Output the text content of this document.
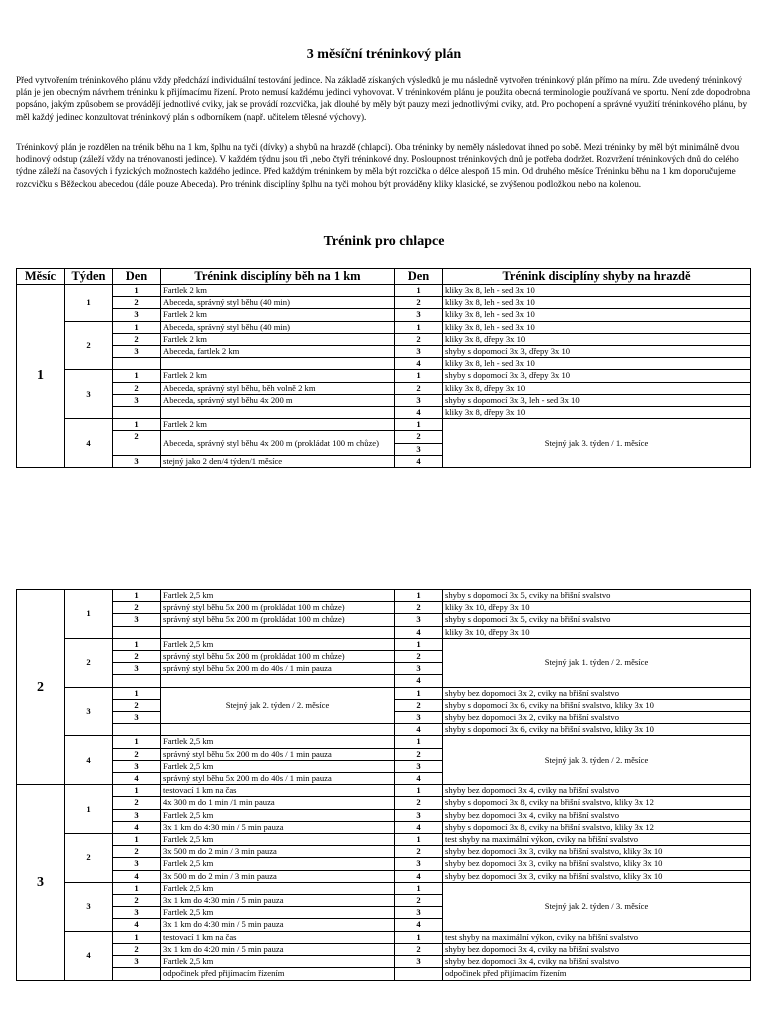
3 měsíční tréninkový plán
Před vytvořením tréninkového plánu vždy předchází individuální testování jedince. Na základě získaných výsledků je mu následně vytvořen tréninkový plán přímo na míru. Zde uvedený tréninkový plán je jen obecným návrhem tréninku k přijímacímu řízení. Proto nemusí každému jedinci vyhovovat. V tréninkovém plánu je použita obecná terminologie používaná ve sportu. Není zde dopodrobna popsáno, jakým způsobem se provádějí jednotlivé cviky, jak se provádí rozcvička, jak dlouhé by měly být pauzy mezi jednotlivými cviky, atd. Pro pochopení a správné využití tréninkového plánu, by měl každý jedinec konzultovat tréninkový plán s odborníkem (např. učitelem tělesné výchovy).
Tréninkový plán je rozdělen na trénik běhu na 1 km, šplhu na tyči (dívky) a shybů na hrazdě (chlapci). Oba tréninky by neměly následovat ihned po sobě. Mezi tréninky by měl být minimálně dvou hodinový odstup (záleží vždy na trénovanosti jedince). V každém týdnu jsou tři ,nebo čtyři tréninkové dny. Posloupnost tréninkových dnů je potřeba dodržet. Rozvržení tréninkových dnů do celého týdne záleží na časových i fyzických možnostech každého jedince. Před každým tréninkem by měla být rozcička o délce alespoň 15 min. Od druhého měsíce Tréninku běhu na 1 km doporučujeme rozcvičku s Běžeckou abecedou (dále pouze Abeceda). Pro trénink disciplíny šplhu na tyči mohou být prováděny kliky klasické, se zvýšenou podložkou nebo na kolenou.
Trénink pro chlapce
Měsíc	Týden	Den	Trénink disciplíny běh na 1 km	Den	Trénink disciplíny shyby na hrazdě
1	1	1	Fartlek 2 km	1	kliky 3x 8, leh - sed 3x 10
		2	Abeceda, správný styl běhu (40 min)	2	kliky 3x 8, leh - sed 3x 10
		3	Fartlek 2 km	3	kliky 3x 8, leh - sed 3x 10
	2	1	Abeceda, správný styl běhu (40 min)	1	kliky 3x 8, leh - sed 3x 10
		2	Fartlek 2 km	2	kliky 3x 8, dřepy 3x 10
		3	Abeceda, fartlek 2 km	3	shyby s dopomocí 3x 3, dřepy 3x 10
				4	kliky 3x 8, leh - sed 3x 10
	3	1	Fartlek 2 km	1	shyby s dopomocí 3x 3, dřepy 3x 10
		2	Abeceda, správný styl běhu, běh volně 2 km	2	kliky 3x 8, dřepy 3x 10
		3	Abeceda, správný styl běhu 4x 200 m	3	shyby s dopomocí 3x 3, leh - sed 3x 10
				4	kliky 3x 8, dřepy 3x 10
	4	1	Fartlek 2 km	1	Stejný jak 3. týden / 1. měsíce
		2	Abeceda, správný styl běhu 4x 200 m (prokládat 100 m chůze)	2	
				3	
		3	stejný jako 2 den/4 týden/1 měsíce	4	
2	1	1	Fartlek 2,5 km	1	shyby s dopomocí 3x 5, cviky na břišní svalstvo
		2	správný styl běhu 5x 200 m (prokládat 100 m chůze)	2	kliky 3x 10, dřepy 3x 10
		3	správný styl běhu 5x 200 m (prokládat 100 m chůze)	3	shyby s dopomocí 3x 5, cviky na břišní svalstvo
				4	kliky 3x 10, dřepy 3x 10
	2	1	Fartlek 2,5 km	1	Stejný jak 1. týden / 2. měsíce
		2	správný styl běhu 5x 200 m (prokládat 100 m chůze)	2	
		3	správný styl běhu 5x 200 m do 40s / 1 min pauza	3	
				4	
	3	1	Stejný jak 2. týden / 2. měsíce	1	shyby bez dopomoci 3x 2, cviky na břišní svalstvo
		2		2	shyby s dopomocí 3x 6, cviky na břišní svalstvo, kliky 3x 10
		3		3	shyby bez dopomoci 3x 2, cviky na břišní svalstvo
				4	shyby s dopomocí 3x 6, cviky na břišní svalstvo, kliky 3x 10
	4	1	Fartlek 2,5 km	1	Stejný jak 3. týden / 2. měsíce
		2	správný styl běhu 5x 200 m do 40s / 1 min pauza	2	
		3	Fartlek 2,5 km	3	
		4	správný styl běhu 5x 200 m do 40s / 1 min pauza	4	
3	1	1	testovací 1 km na čas	1	shyby bez dopomoci 3x 4, cviky na břišní svalstvo
		2	4x 300 m do 1 min /1 min pauza	2	shyby s dopomocí 3x 8, cviky na břišní svalstvo, kliky 3x 12
		3	Fartlek 2,5 km	3	shyby bez dopomoci 3x 4, cviky na břišní svalstvo
		4	3x 1 km do 4:30 min / 5 min pauza	4	shyby s dopomocí 3x 8, cviky na břišní svalstvo, kliky 3x 12
	2	1	Fartlek 2,5 km	1	test shyby na maximální výkon, cviky na břišní svalstvo
		2	3x 500 m do 2 min / 3 min pauza	2	shyby bez dopomoci 3x 3, cviky na břišní svalstvo, kliky 3x 10
		3	Fartlek 2,5 km	3	shyby bez dopomoci 3x 3, cviky na břišní svalstvo, kliky 3x 10
		4	3x 500 m do 2 min / 3 min pauza	4	shyby bez dopomoci 3x 3, cviky na břišní svalstvo, kliky 3x 10
	3	1	Fartlek 2,5 km	1	Stejný jak 2. týden / 3. měsíce
		2	3x 1 km do 4:30 min / 5 min pauza	2	
		3	Fartlek 2,5 km	3	
		4	3x 1 km do 4:30 min / 5 min pauza	4	
	4	1	testovací 1 km na čas	1	test shyby na maximální výkon, cviky na břišní svalstvo
		2	3x 1 km do 4:20 min / 5 min pauza	2	shyby bez dopomoci 3x 4, cviky na břišní svalstvo
		3	Fartlek 2,5 km	3	shyby bez dopomoci 3x 4, cviky na břišní svalstvo
			odpočinek před přijímacím řízením		odpočinek před přijímacím řízením
